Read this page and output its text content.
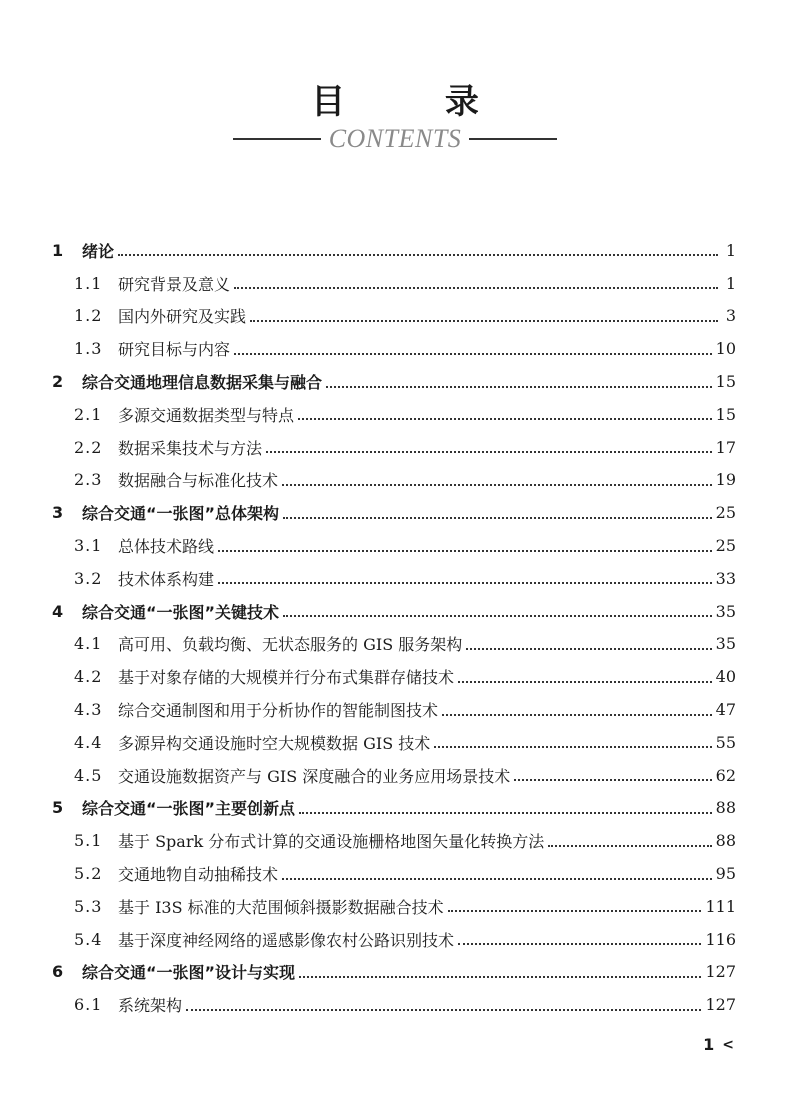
目 录
CONTENTS
1	绪论	1
1.1 研究背景及意义	1
1.2 国内外研究及实践	3
1.3 研究目标与内容	10
2	综合交通地理信息数据采集与融合	15
2.1 多源交通数据类型与特点	15
2.2 数据采集技术与方法	17
2.3 数据融合与标准化技术	19
3	综合交通“一张图”总体架构	25
3.1 总体技术路线	25
3.2 技术体系构建	33
4	综合交通“一张图”关键技术	35
4.1 高可用、负载均衡、无状态服务的 GIS 服务架构	35
4.2 基于对象存储的大规模并行分布式集群存储技术	40
4.3 综合交通制图和用于分析协作的智能制图技术	47
4.4 多源异构交通设施时空大规模数据 GIS 技术	55
4.5 交通设施数据资产与 GIS 深度融合的业务应用场景技术	62
5	综合交通“一张图”主要创新点	88
5.1 基于 Spark 分布式计算的交通设施栅格地图矢量化转换方法	88
5.2 交通地物自动抽稀技术	95
5.3 基于 I3S 标准的大范围倾斜摄影数据融合技术	111
5.4 基于深度神经网络的遥感影像农村公路识别技术	116
6	综合交通“一张图”设计与实现	127
6.1 系统架构	127
1 <
